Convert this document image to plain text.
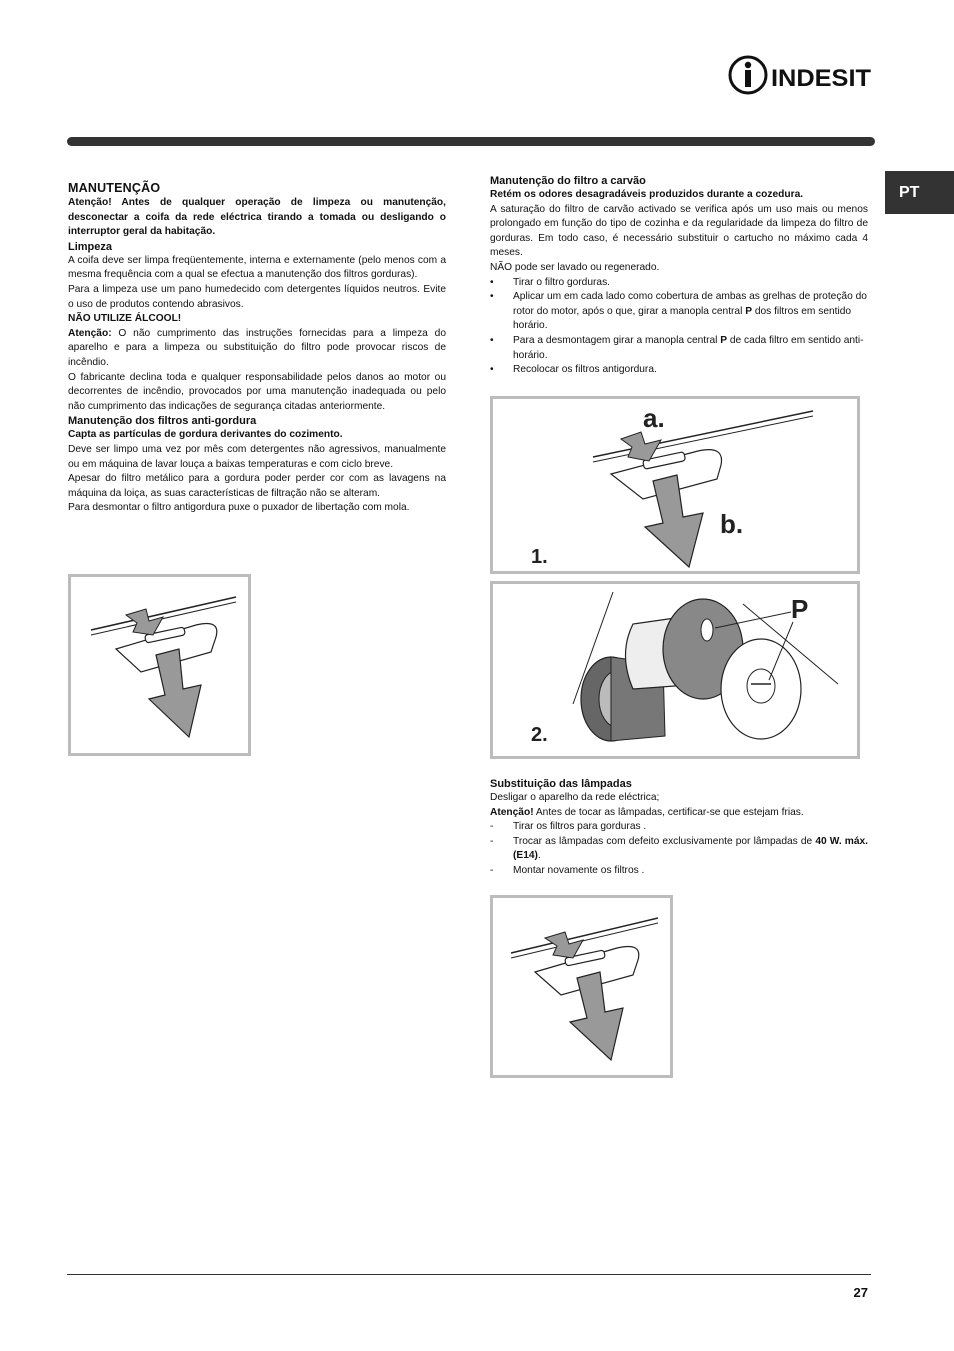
INDESIT
PT

MANUTENÇÃO

Atenção! Antes de qualquer operação de limpeza ou manutenção, desconectar a coifa da rede eléctrica tirando a tomada ou desligando o interruptor geral da habitação.

Limpeza

A coifa deve ser limpa freqüentemente, interna e externamente (pelo menos com a mesma frequência com a qual se efectua a manutenção dos filtros gorduras).

Para a limpeza use um pano humedecido com detergentes líquidos neutros. Evite o uso de produtos contendo abrasivos.

NÃO UTILIZE ÁLCOOL!

Atenção: O não cumprimento das instruções fornecidas para a limpeza do aparelho e para a limpeza ou substituição do filtro pode provocar riscos de incêndio.

O fabricante declina toda e qualquer responsabilidade pelos danos ao motor ou decorrentes de incêndio, provocados por uma manutenção inadequada ou pelo não cumprimento das indicações de segurança citadas anteriormente.

Manutenção dos filtros anti-gordura

Capta as partículas de gordura derivantes do cozimento.

Deve ser limpo uma vez por mês com detergentes não agressivos, manualmente ou em máquina de lavar louça a baixas temperaturas e com ciclo breve.

Apesar do filtro metálico para a gordura poder perder cor com as lavagens na máquina da loiça, as suas características de filtração não se alteram.

Para desmontar o filtro antigordura puxe o puxador de libertação com mola.

Manutenção do filtro a carvão

Retém os odores desagradáveis produzidos durante a cozedura.

A saturação do filtro de carvão activado se verifica após um uso mais ou menos prolongado em função do tipo de cozinha e da regularidade da limpeza do filtro de gorduras. Em todo caso, é necessário substituir o cartucho no máximo cada 4 meses.

NÃO pode ser lavado ou regenerado.

• Tirar o filtro gorduras.
• Aplicar um em cada lado como cobertura de ambas as grelhas de proteção do rotor do motor, após o que, girar a manopla central P dos filtros em sentido horário.
• Para a desmontagem girar a manopla central P de cada filtro em sentido anti-horário.
• Recolocar os filtros antigordura.
a.
b.
1.
P
2.

Substituição das lâmpadas

Desligar o aparelho da rede eléctrica;

Atenção! Antes de tocar as lâmpadas, certificar-se que estejam frias.

- Tirar os filtros para gorduras .
- Trocar as lâmpadas com defeito exclusivamente por lâmpadas de 40 W. máx. (E14).
- Montar novamente os filtros .
27
